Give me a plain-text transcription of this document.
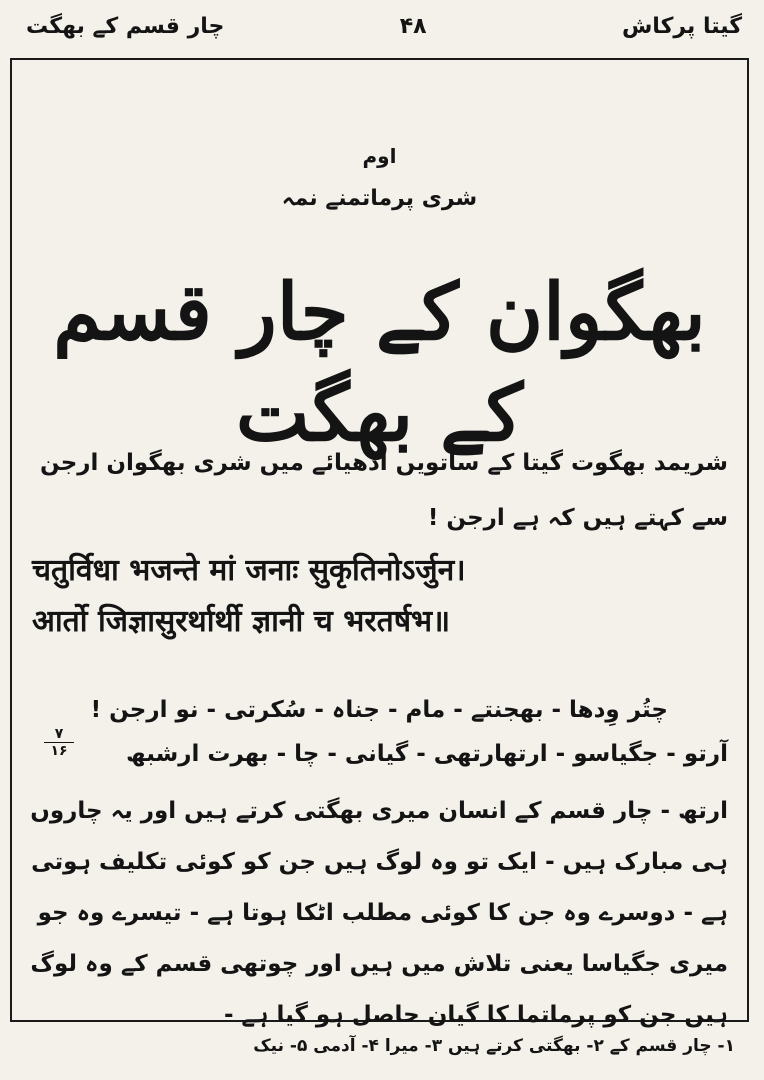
گیتا پرکاش
۴۸
چار قسم کے بھگت
اوم
شری پرماتمنے نمہ
بھگوان کے چار قسم کے بھگت
شریمد بھگوت گیتا کے ساتویں ادھیائے میں شری بھگوان ارجن
سے کہتے ہیں کہ ہے ارجن !
चतुर्विधा भजन्ते मां जनाः सुकृतिनोऽर्जुन।
आर्तो जिज्ञासुरर्थार्थी ज्ञानी च भरतर्षभ॥
چتُر وِدھا - بھجنتے - مام - جناہ - سُکرتی - نو ارجن !
آرتو - جگیاسو - ارتھارتھی - گیانی - چا - بھرت ارشبھ
۷
۱۶
ارتھ - چار قسم کے انسان میری بھگتی کرتے ہیں اور یہ چاروں
ہی مبارک ہیں - ایک تو وہ لوگ ہیں جن کو کوئی تکلیف ہوتی
ہے - دوسرے وہ جن کا کوئی مطلب اٹکا ہوتا ہے - تیسرے وہ جو
میری جگیاسا یعنی تلاش میں ہیں اور چوتھی قسم کے وہ لوگ
ہیں جن کو پرماتما کا گیان حاصل ہو گیا ہے -
۱- چار قسم کے ۲- بھگتی کرتے ہیں ۳- میرا ۴- آدمی ۵- نیک
